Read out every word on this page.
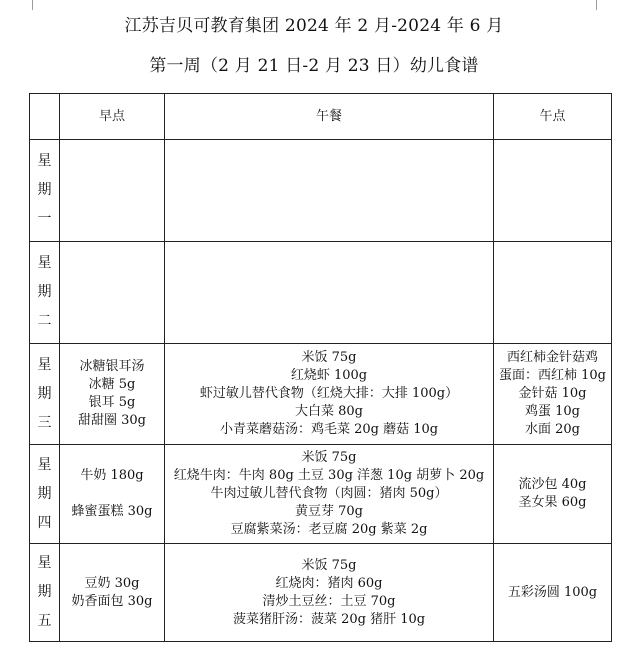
江苏吉贝可教育集团 2024 年 2 月-2024 年 6 月
第一周（2 月 21 日-2 月 23 日）幼儿食谱
	早点	午餐	午点

星
期
一			

星
期
二			

星
期
三	冰糖银耳汤
冰糖 5g
银耳 5g
甜甜圈 30g	米饭 75g
红烧虾 100g
虾过敏儿替代食物（红烧大排：大排 100g）
大白菜 80g
小青菜蘑菇汤：鸡毛菜 20g 蘑菇 10g	西红柿金针菇鸡
蛋面：西红柿 10g
金针菇 10g
鸡蛋 10g
水面 20g

星
期
四	牛奶 180g
蜂蜜蛋糕 30g	米饭 75g
红烧牛肉：牛肉 80g 土豆 30g 洋葱 10g 胡萝卜 20g
牛肉过敏儿替代食物（肉圆：猪肉 50g）
黄豆芽 70g
豆腐紫菜汤：老豆腐 20g 紫菜 2g	流沙包 40g
圣女果 60g

星
期
五	豆奶 30g
奶香面包 30g	米饭 75g
红烧肉：猪肉 60g
清炒土豆丝：土豆 70g
菠菜猪肝汤：菠菜 20g 猪肝 10g	五彩汤圆 100g
